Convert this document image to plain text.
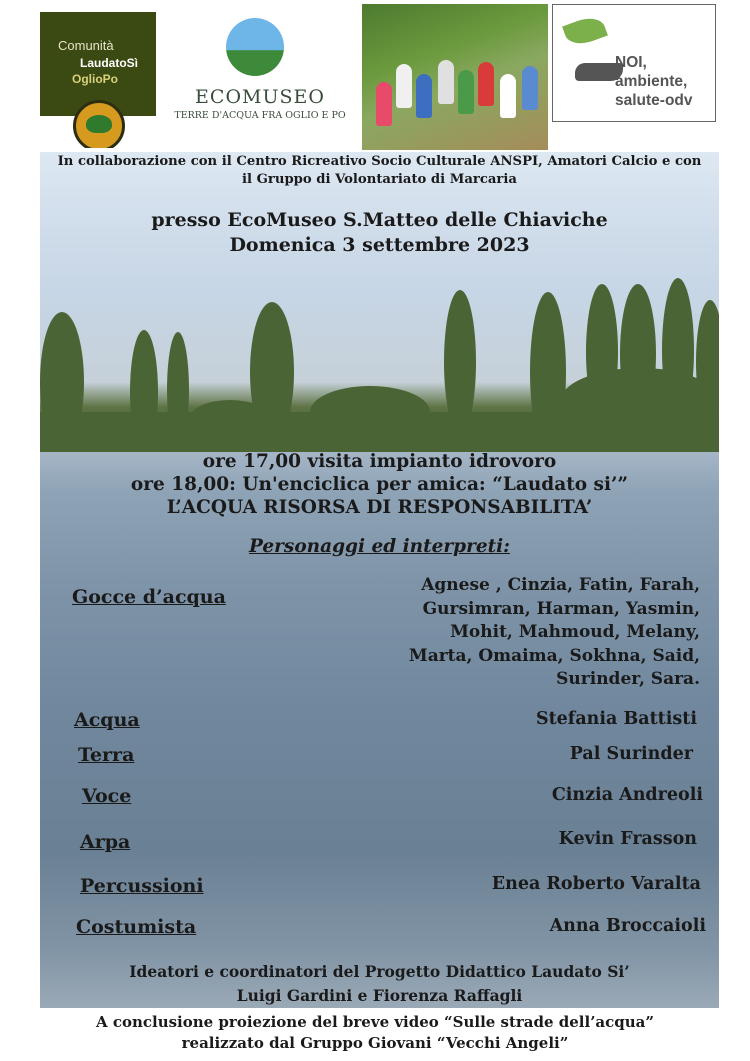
Comunità
LaudatoSì
OglioPo
ECOMUSEO
TERRE D'ACQUA FRA OGLIO E PO
NOI,
ambiente,
salute-odv
In collaborazione con il Centro Ricreativo Socio Culturale ANSPI, Amatori Calcio e con
il Gruppo di Volontariato di Marcaria
presso EcoMuseo S.Matteo delle Chiaviche
Domenica 3 settembre 2023
ore 17,00 visita impianto idrovoro
ore 18,00: Un'enciclica per amica: “Laudato si’”
L’ACQUA RISORSA DI RESPONSABILITA’
Personaggi ed interpreti:
Gocce d’acqua
Agnese , Cinzia, Fatin, Farah,
Gursimran, Harman, Yasmin,
Mohit, Mahmoud, Melany,
Marta, Omaima, Sokhna, Said,
Surinder, Sara.
Acqua	Stefania Battisti
Terra	Pal Surinder
Voce	Cinzia Andreoli
Arpa	Kevin Frasson
Percussioni	Enea Roberto Varalta
Costumista	Anna Broccaioli
Ideatori e coordinatori del Progetto Didattico Laudato Si’
Luigi Gardini e Fiorenza Raffagli
A conclusione proiezione del breve video “Sulle strade dell’acqua”
realizzato dal Gruppo Giovani “Vecchi Angeli”
